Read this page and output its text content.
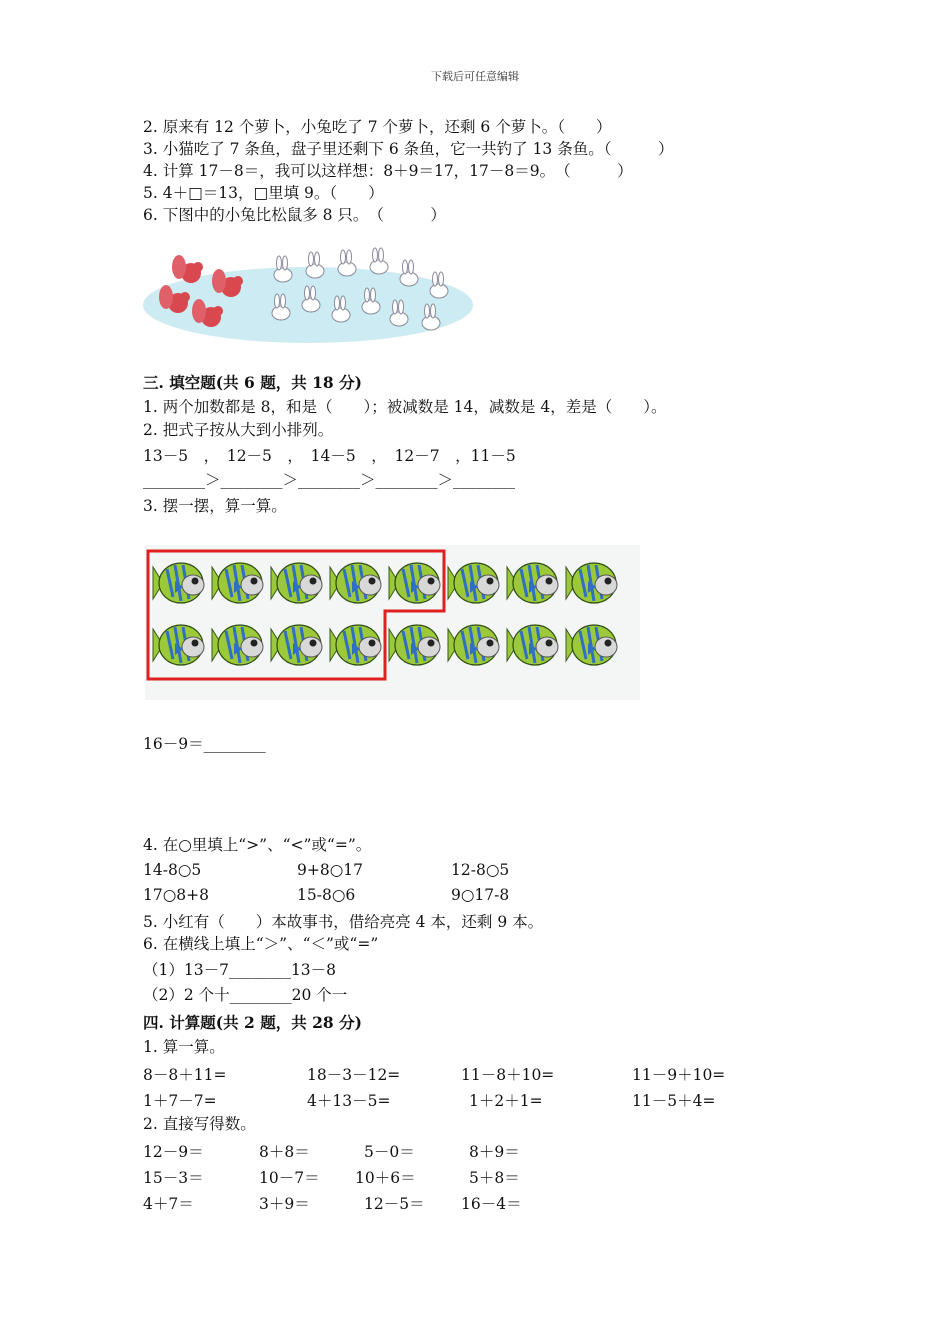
下载后可任意编辑
2. 原来有 12 个萝卜，小兔吃了 7 个萝卜，还剩 6 个萝卜。（　　）
3. 小猫吃了 7 条鱼，盘子里还剩下 6 条鱼，它一共钓了 13 条鱼。（　　　）
4. 计算 17－8＝，我可以这样想：8＋9＝17，17－8＝9。　（　　　）
5. 4＋□＝13，□里填 9。（　　）
6. 下图中的小兔比松鼠多 8 只。　（　　　）
三. 填空题(共 6 题，共 18 分)
1. 两个加数都是 8，和是（　　）；被减数是 14，减数是 4，差是（　　）。
2. 把式子按从大到小排列。
13－5　，　12－5　，　14－5　，　12－7　，11－5
________＞________＞________＞________＞________
3. 摆一摆，算一算。
16－9＝________
4. 在○里填上“>”、“<”或“=”。
14-8○5	9+8○17	12-8○5
17○8+8	15-8○6	9○17-8
5. 小红有（　　）本故事书，借给亮亮 4 本，还剩 9 本。
6. 在横线上填上“＞”、“＜”或“=”
（1）13－7________13－8
（2）2 个十________20 个一
四. 计算题(共 2 题，共 28 分)
1. 算一算。
8－8＋11=	18－3－12=	11－8＋10=	11－9＋10=
1＋7－7=	4＋13－5=	1＋2＋1=	11－5＋4=
2. 直接写得数。
12－9＝	8＋8＝	5－0＝	8＋9＝
15－3＝	10－7＝ 10＋6＝	5＋8＝
4＋7＝	3＋9＝	12－5＝ 16－4＝
